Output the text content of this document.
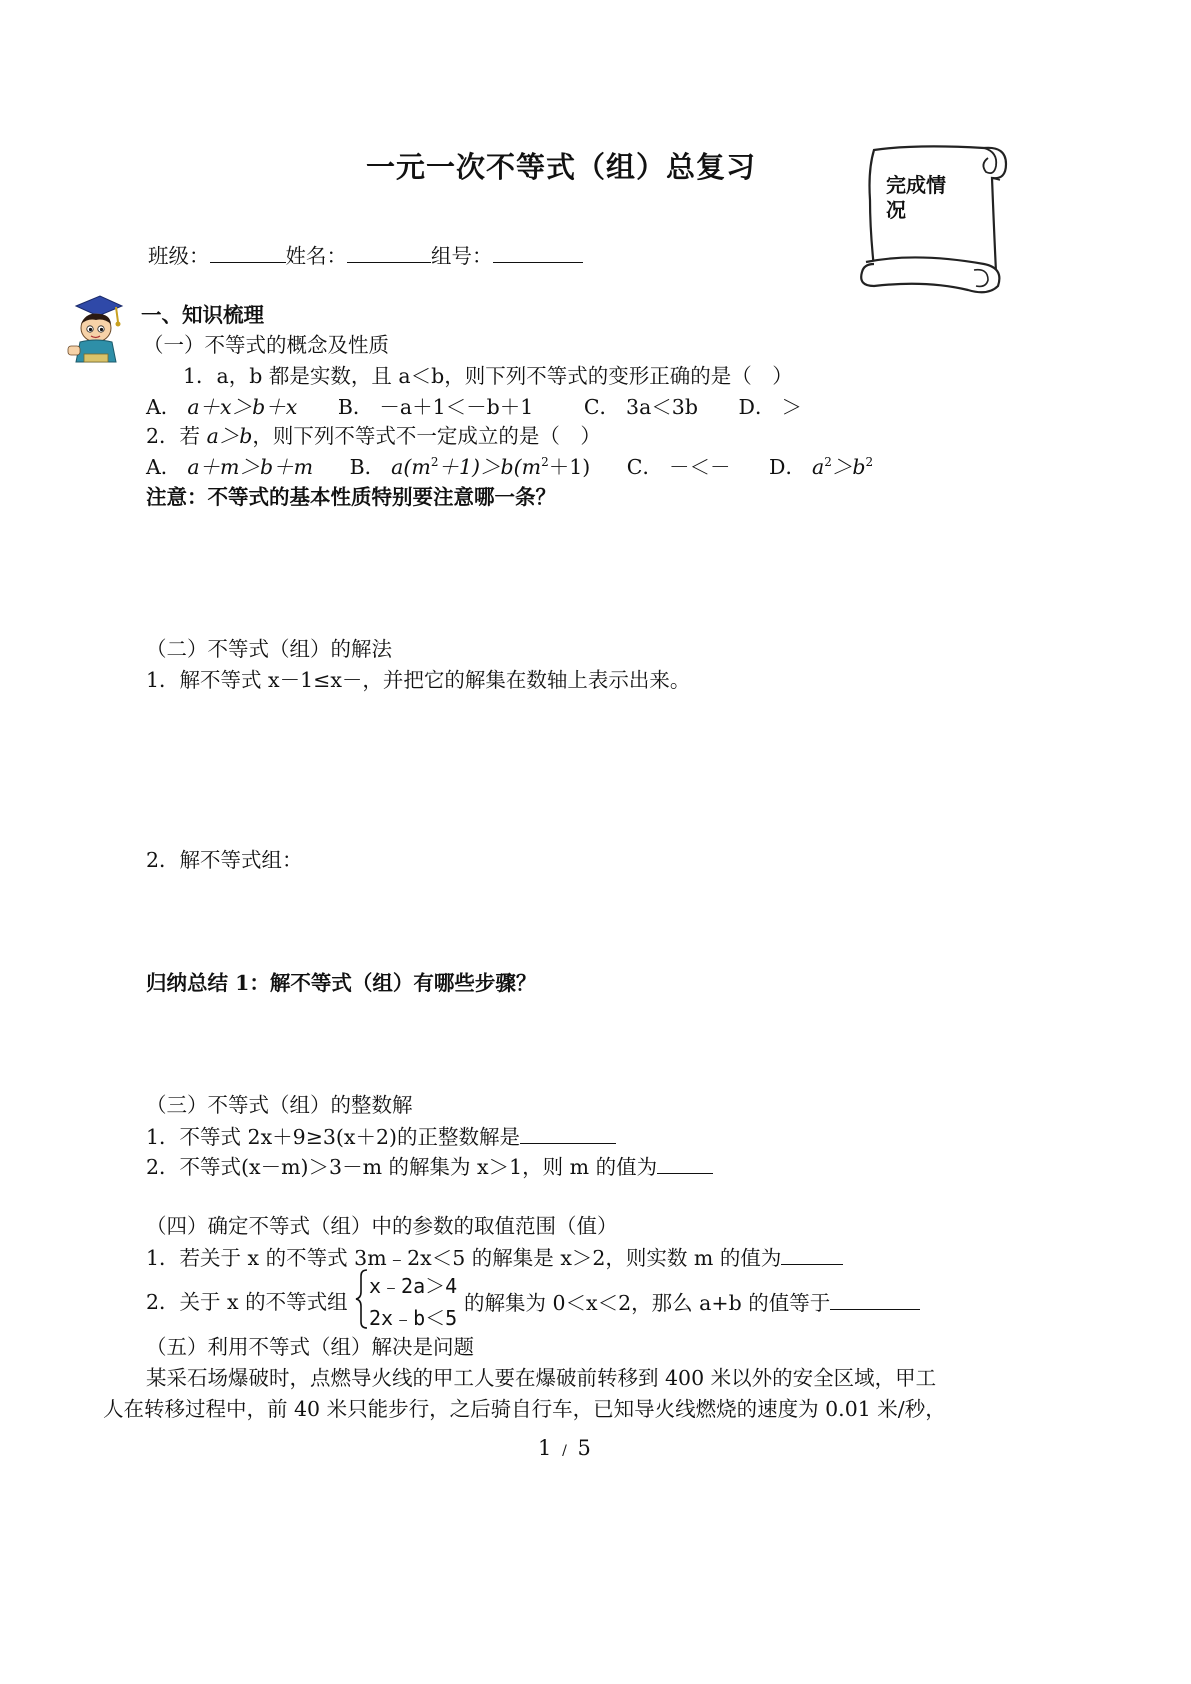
一元一次不等式（组）总复习
完成情
况
班级：	姓名：	组号：
一、知识梳理
（一）不等式的概念及性质
1．a，b 都是实数，且 a＜b，则下列不等式的变形正确的是（　）
A． a＋x＞b＋x B． －a＋1＜－b＋1 C． 3a＜3b D． ＞
2．若 a＞b，则下列不等式不一定成立的是（　）
A． a＋m＞b＋m B． $a(m^2+1)>b(m^2+1)$ C． －＜－ D． $a^2>b^2$
注意：不等式的基本性质特别要注意哪一条？
（二）不等式（组）的解法
1．解不等式 x－1≤x－，并把它的解集在数轴上表示出来。
2．解不等式组：
归纳总结 1：解不等式（组）有哪些步骤？
（三）不等式（组）的整数解
1．不等式 2x＋9≥3(x＋2)的正整数解是
2．不等式(x－m)＞3－m 的解集为 x＞1，则 m 的值为
（四）确定不等式（组）中的参数的取值范围（值）
1．若关于 x 的不等式 3m﹣2x＜5 的解集是 x＞2，则实数 m 的值为
2．关于 x 的不等式组
x﹣2a＞4
2x﹣b＜5
的解集为 0＜x＜2，那么 a+b 的值等于
（五）利用不等式（组）解决是问题
某采石场爆破时，点燃导火线的甲工人要在爆破前转移到 400 米以外的安全区域，甲工
人在转移过程中，前 40 米只能步行，之后骑自行车，已知导火线燃烧的速度为 0.01 米/秒，
1 / 5
